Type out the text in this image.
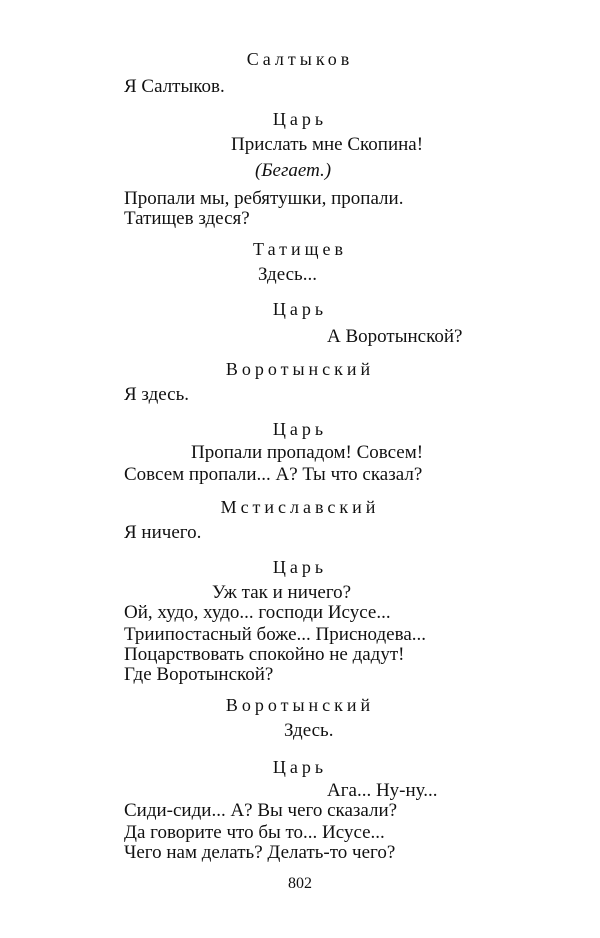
Салтыков
Я Салтыков.
Царь
Прислать мне Скопина!
(Бегает.)
Пропали мы, ребятушки, пропали.
Татищев здеся?
Татищев
Здесь...
Царь
А Воротынской?
Воротынский
Я здесь.
Царь
Пропали пропадом! Совсем!
Совсем пропали... А? Ты что сказал?
Мстиславский
Я ничего.
Царь
Уж так и ничего?
Ой, худо, худо... господи Исусе...
Триипостасный боже... Приснодева...
Поцарствовать спокойно не дадут!
Где Воротынской?
Воротынский
Здесь.
Царь
Ага... Ну-ну...
Сиди-сиди... А? Вы чего сказали?
Да говорите что бы то... Исусе...
Чего нам делать? Делать-то чего?
802
